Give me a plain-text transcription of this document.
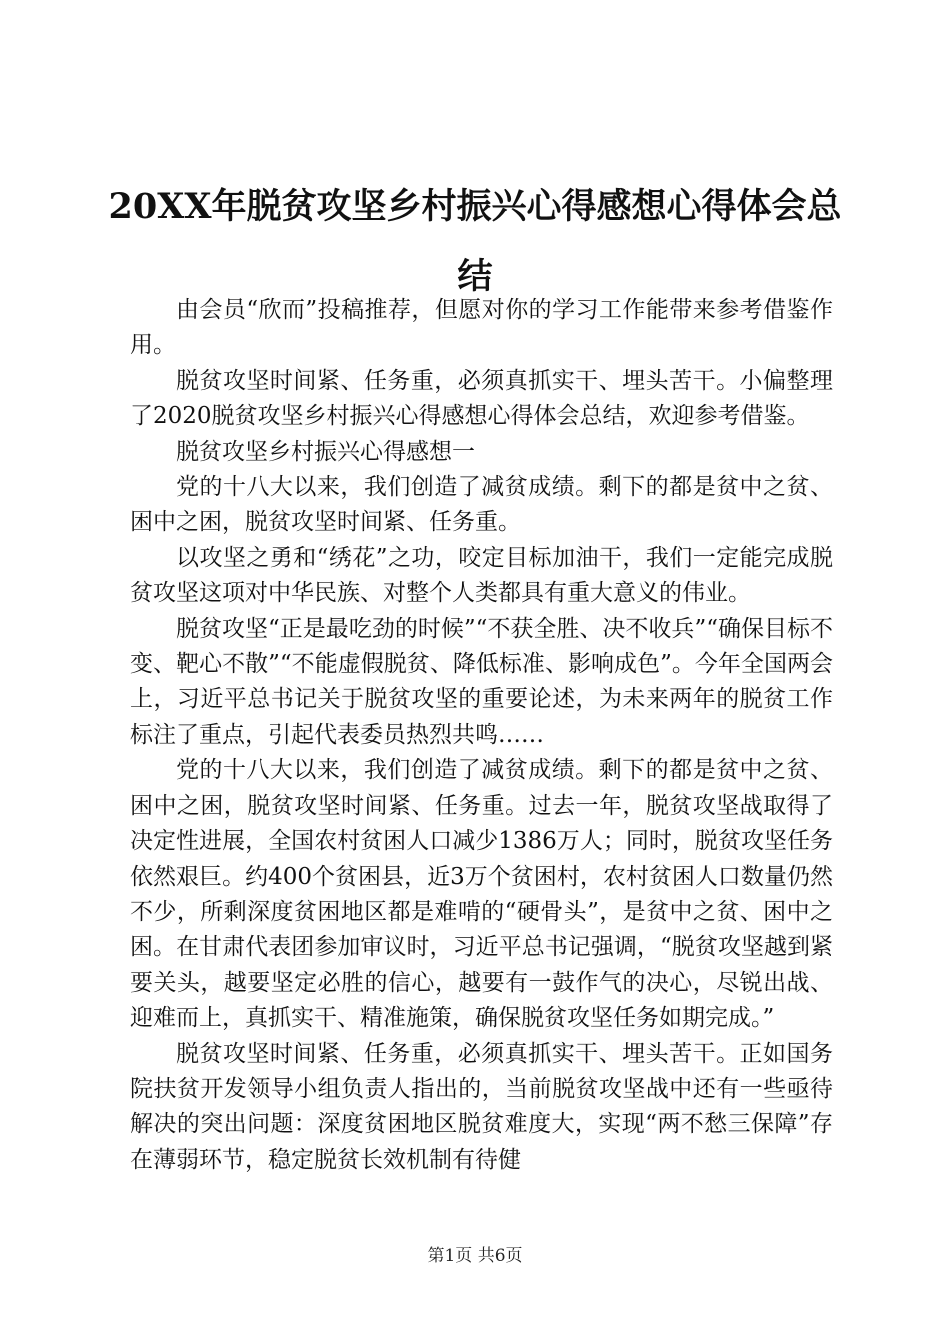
20XX年脱贫攻坚乡村振兴心得感想心得体会总结

由会员“欣而”投稿推荐，但愿对你的学习工作能带来参考借鉴作用。

脱贫攻坚时间紧、任务重，必须真抓实干、埋头苦干。小偏整理了2020脱贫攻坚乡村振兴心得感想心得体会总结，欢迎参考借鉴。

脱贫攻坚乡村振兴心得感想一

党的十八大以来，我们创造了减贫成绩。剩下的都是贫中之贫、困中之困，脱贫攻坚时间紧、任务重。

以攻坚之勇和“绣花”之功，咬定目标加油干，我们一定能完成脱贫攻坚这项对中华民族、对整个人类都具有重大意义的伟业。

脱贫攻坚“正是最吃劲的时候”“不获全胜、决不收兵”“确保目标不变、靶心不散”“不能虚假脱贫、降低标准、影响成色”。今年全国两会上，习近平总书记关于脱贫攻坚的重要论述，为未来两年的脱贫工作标注了重点，引起代表委员热烈共鸣……

党的十八大以来，我们创造了减贫成绩。剩下的都是贫中之贫、困中之困，脱贫攻坚时间紧、任务重。过去一年，脱贫攻坚战取得了决定性进展，全国农村贫困人口减少1386万人；同时，脱贫攻坚任务依然艰巨。约400个贫困县，近3万个贫困村，农村贫困人口数量仍然不少，所剩深度贫困地区都是难啃的“硬骨头”，是贫中之贫、困中之困。在甘肃代表团参加审议时，习近平总书记强调，“脱贫攻坚越到紧要关头，越要坚定必胜的信心，越要有一鼓作气的决心，尽锐出战、迎难而上，真抓实干、精准施策，确保脱贫攻坚任务如期完成。”

脱贫攻坚时间紧、任务重，必须真抓实干、埋头苦干。正如国务院扶贫开发领导小组负责人指出的，当前脱贫攻坚战中还有一些亟待解决的突出问题：深度贫困地区脱贫难度大，实现“两不愁三保障”存在薄弱环节，稳定脱贫长效机制有待健

第1页 共6页
